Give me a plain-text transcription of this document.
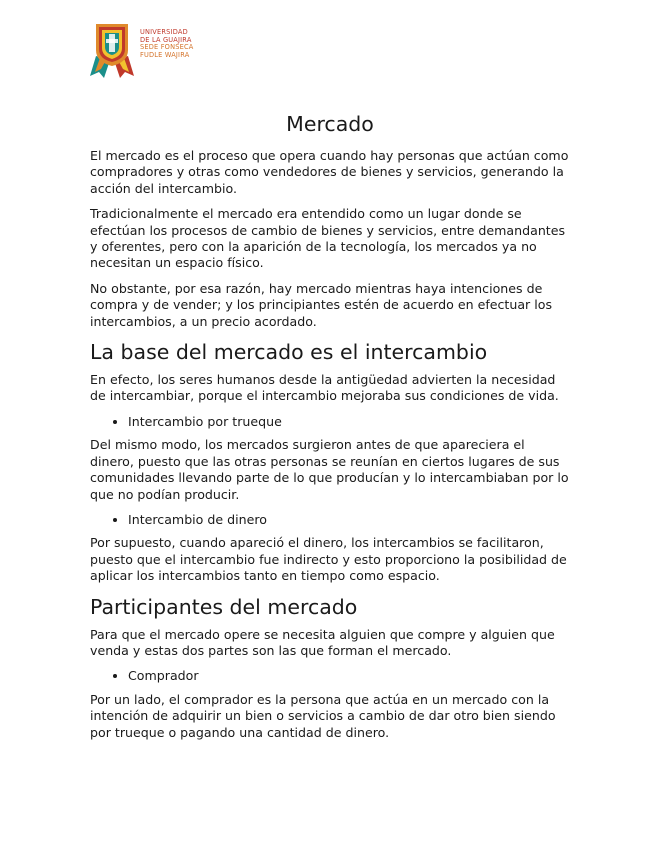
UNIVERSIDAD
DE LA GUAJIRA
SEDE FONSECA
FUDLE WAJIRA
Mercado

El mercado es el proceso que opera cuando hay personas que actúan como compradores y otras como vendedores de bienes y servicios, generando la acción del intercambio.

Tradicionalmente el mercado era entendido como un lugar donde se efectúan los procesos de cambio de bienes y servicios, entre demandantes y oferentes, pero con la aparición de la tecnología, los mercados ya no necesitan un espacio físico.

No obstante, por esa razón, hay mercado mientras haya intenciones de compra y de vender; y los principiantes estén de acuerdo en efectuar los intercambios, a un precio acordado.

La base del mercado es el intercambio

En efecto, los seres humanos desde la antigüedad advierten la necesidad de intercambiar, porque el intercambio mejoraba sus condiciones de vida.

• Intercambio por trueque

Del mismo modo, los mercados surgieron antes de que apareciera el dinero, puesto que las otras personas se reunían en ciertos lugares de sus comunidades llevando parte de lo que producían y lo intercambiaban por lo que no podían producir.

• Intercambio de dinero

Por supuesto, cuando apareció el dinero, los intercambios se facilitaron, puesto que el intercambio fue indirecto y esto proporciono la posibilidad de aplicar los intercambios tanto en tiempo como espacio.

Participantes del mercado

Para que el mercado opere se necesita alguien que compre y alguien que venda y estas dos partes son las que forman el mercado.

• Comprador

Por un lado, el comprador es la persona que actúa en un mercado con la intención de adquirir un bien o servicios a cambio de dar otro bien siendo por trueque o pagando una cantidad de dinero.
